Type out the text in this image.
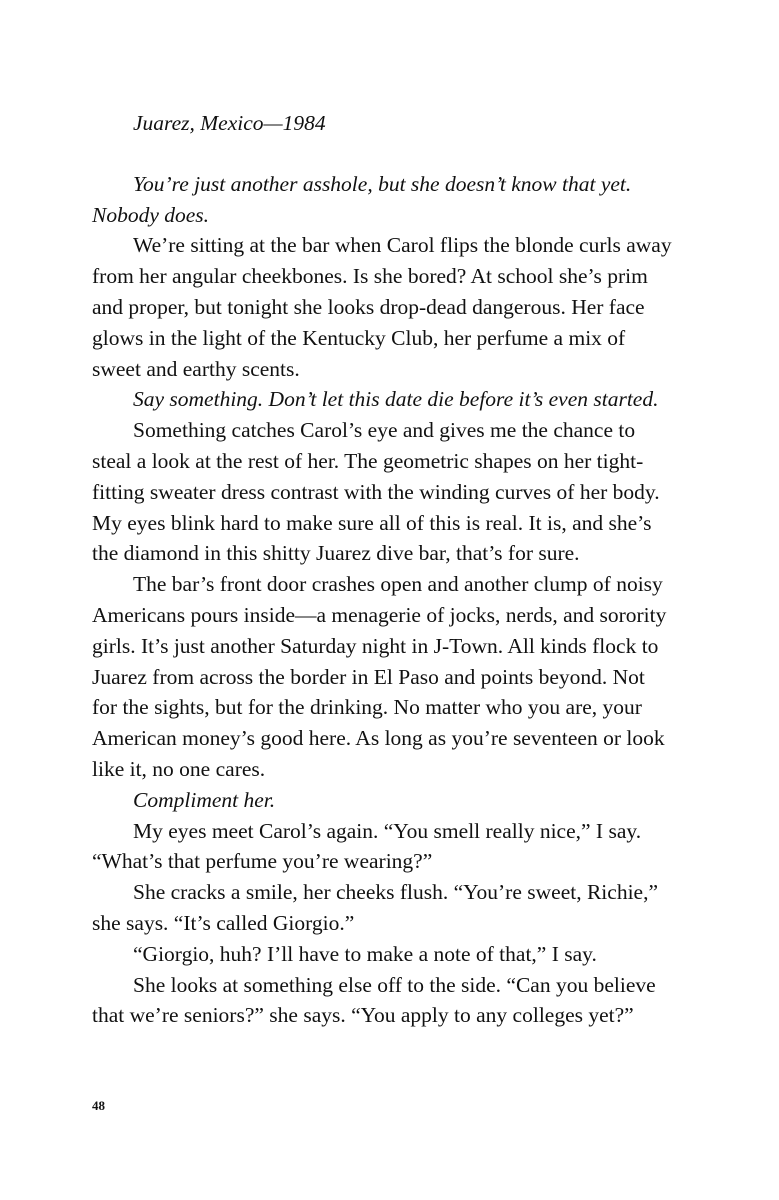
Juarez, Mexico—1984
You’re just another asshole, but she doesn’t know that yet.
Nobody does.
We’re sitting at the bar when Carol flips the blonde curls away
from her angular cheekbones. Is she bored? At school she’s prim
and proper, but tonight she looks drop-dead dangerous. Her face
glows in the light of the Kentucky Club, her perfume a mix of
sweet and earthy scents.
Say something. Don’t let this date die before it’s even started.
Something catches Carol’s eye and gives me the chance to
steal a look at the rest of her. The geometric shapes on her tight-
fitting sweater dress contrast with the winding curves of her body.
My eyes blink hard to make sure all of this is real. It is, and she’s
the diamond in this shitty Juarez dive bar, that’s for sure.
The bar’s front door crashes open and another clump of noisy
Americans pours inside—a menagerie of jocks, nerds, and sorority
girls. It’s just another Saturday night in J-Town. All kinds flock to
Juarez from across the border in El Paso and points beyond. Not
for the sights, but for the drinking. No matter who you are, your
American money’s good here. As long as you’re seventeen or look
like it, no one cares.
Compliment her.
My eyes meet Carol’s again. “You smell really nice,” I say.
“What’s that perfume you’re wearing?”
She cracks a smile, her cheeks flush. “You’re sweet, Richie,”
she says. “It’s called Giorgio.”
“Giorgio, huh? I’ll have to make a note of that,” I say.
She looks at something else off to the side. “Can you believe
that we’re seniors?” she says. “You apply to any colleges yet?”
48
